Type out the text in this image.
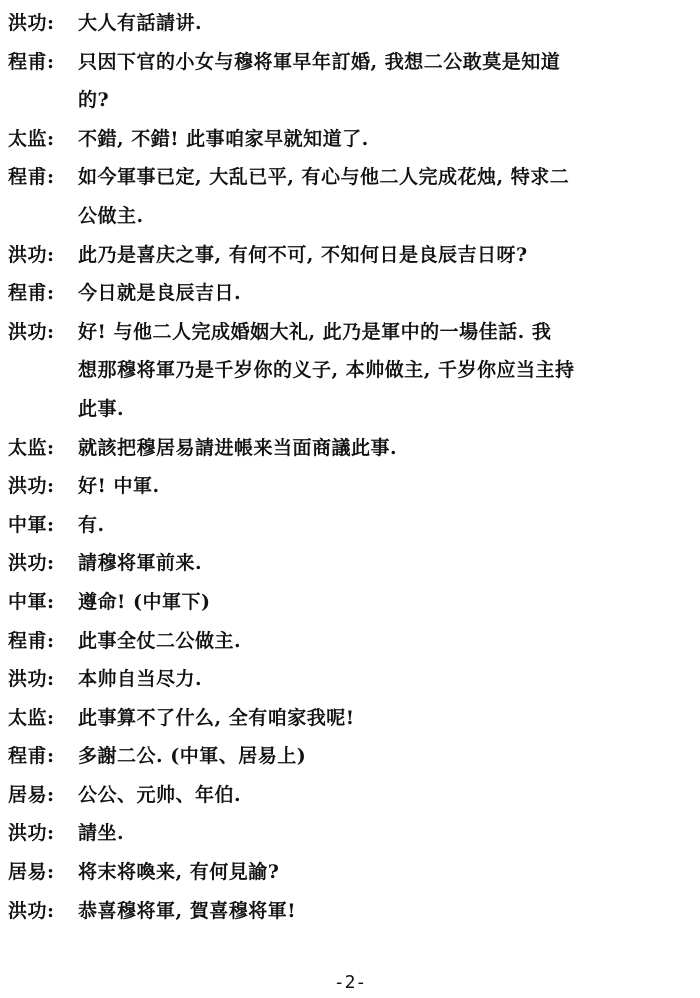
洪功:	大人有話請讲.
程甫:	只因下官的小女与穆将軍早年訂婚, 我想二公敢莫是知道
的?
太监:	不錯, 不錯! 此事咱家早就知道了.
程甫:	如今軍事已定, 大乱已平, 有心与他二人完成花烛, 特求二
公做主.
洪功:	此乃是喜庆之事, 有何不可, 不知何日是良辰吉日呀?
程甫:	今日就是良辰吉日.
洪功:	好! 与他二人完成婚姻大礼, 此乃是軍中的一場佳話. 我
想那穆将軍乃是千岁你的义子, 本帅做主, 千岁你应当主持
此事.
太监:	就該把穆居易請进帳来当面商議此事.
洪功:	好! 中軍.
中軍:	有.
洪功:	請穆将軍前来.
中軍:	遵命! (中軍下)
程甫:	此事全仗二公做主.
洪功:	本帅自当尽力.
太监:	此事算不了什么, 全有咱家我呢!
程甫:	多謝二公. (中軍、居易上)
居易:	公公、元帅、年伯.
洪功:	請坐.
居易:	将末将喚来, 有何見諭?
洪功:	恭喜穆将軍, 賀喜穆将軍!
-2-
